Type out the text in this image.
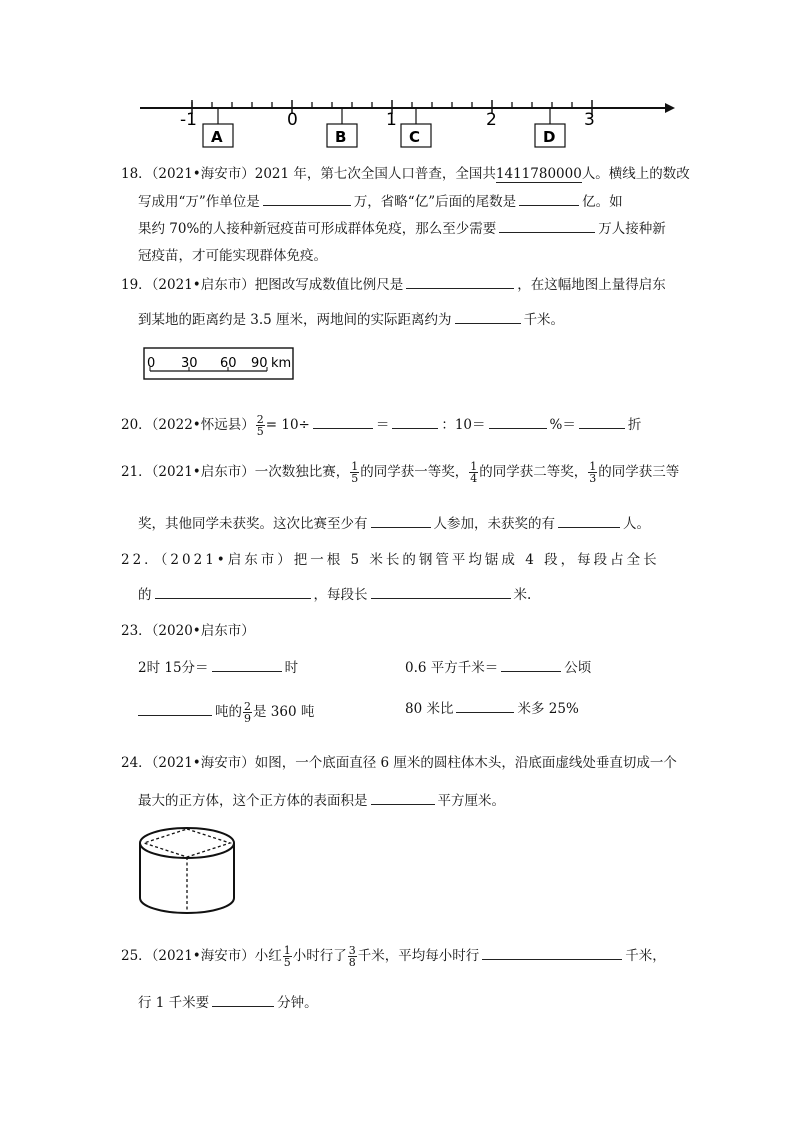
-1	0	1	2	3
A	B	C	D
18．（2021•海安市）2021 年，第七次全国人口普查，全国共1411780000人。横线上的数改
写成用“万”作单位是	万，省略“亿”后面的尾数是	亿。如
果约 70%的人接种新冠疫苗可形成群体免疫，那么至少需要	万人接种新
冠疫苗，才可能实现群体免疫。
19．（2021•启东市）把图改写成数值比例尺是	，在这幅地图上量得启东
到某地的距离约是 3.5 厘米，两地间的实际距离约为	千米。
0 30 60 90 km
20．（2022•怀远县） $\frac{2}{5} = 10\div$	＝	：10＝	%＝	折
21．（2021•启东市）一次数独比赛， $\frac{1}{5}$ 的同学获一等奖， $\frac{1}{4}$ 的同学获二等奖， $\frac{1}{3}$ 的同学获三等
奖，其他同学未获奖。这次比赛至少有	人参加，未获奖的有	人。
22．（2021•启东市）把一根 5 米长的钢管平均锯成 4 段，每段占全长
的	，每段长	米.
23．（2020•启东市）
2时 15分＝	时	0.6 平方千米＝	公顷
吨的 $\frac{2}{9}$ 是 360 吨	80 米比	米多 25%
24．（2021•海安市）如图，一个底面直径 6 厘米的圆柱体木头，沿底面虚线处垂直切成一个
最大的正方体，这个正方体的表面积是	平方厘米。
25．（2021•海安市）小红 $\frac{1}{5}$ 小时行了 $\frac{3}{8}$ 千米，平均每小时行	千米，
行 1 千米要	分钟。
